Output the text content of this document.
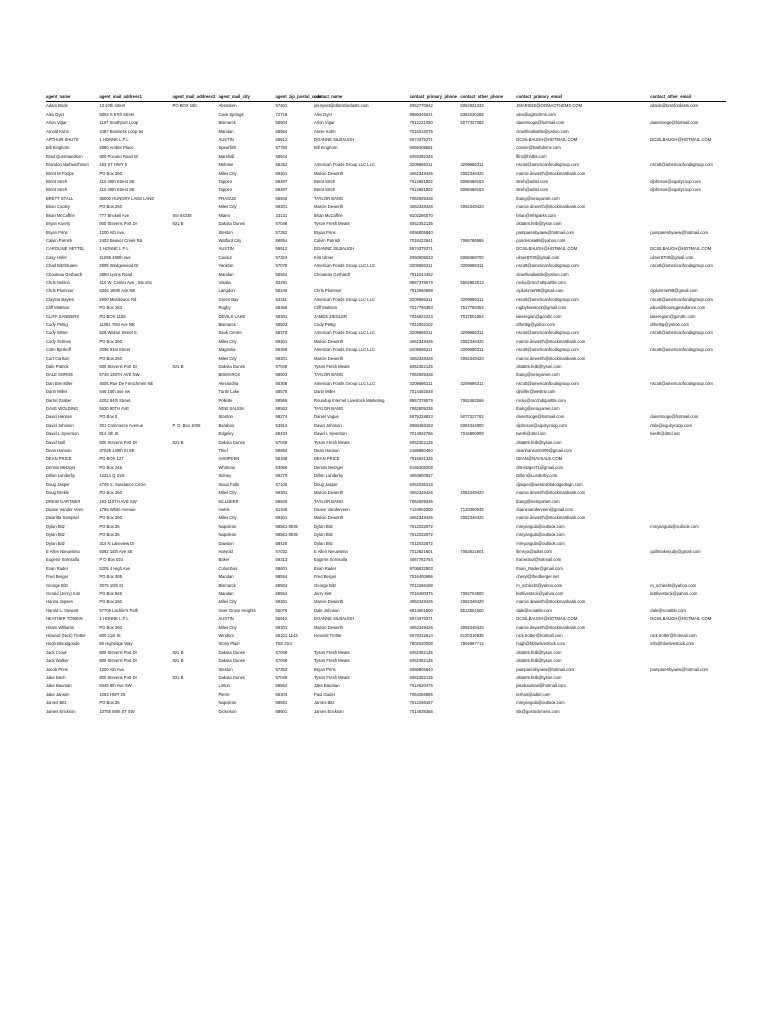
agent_name	agent_mail_address1	agent_mail_address2	agent_mail_city	agent_zip_postal_code	contact_name	contact_primary_phone	contact_other_phone	contact_primary_email	contact_other_email
Adam Bode	13 10th street	PO BOX 160	Aberdeen	57401	jmuryeet@dbmsfordasts.com	6052770842	6052621333	JMARSDE@OOMAOTHEMS.COM	abode@bmsfordasts.com
Alex Dyer	5802 S 57th Street		Cave Springs	72718	Alex Dyer	8886345621	6362230265	alex@agtrsdrms.com	
Arlon Vigar	1107 Southport Loop		Bismarck	58504	Arlon Vigar	7012221050	5077327082	danetrooge@hotmail.com	danetrooge@hotmail.com
Arnold Kuhn	2487 Business Loop 94		Mandan	58554	Annie Kuhn	7015015075		clowrhealsattle@yahoo.com	
ARTHUR SHUTE	1 HONNE L P L		AUSTIN	55912	DOANNE SILBAUGH	5074375371		DCSILBAUGH@HOTMAIL.COM	DCSILBAUGH@HOTMAIL.COM
Bill Kinghorn	2880 Amber Place		Spearfish	57783	Bill Kinghorn	6056408581		connie@hwtbdsms.com	
Brad Quermandson	900 Pocono Road W		Marshall	58644		6059382346		lflro@hntbs.com	
Brandon Niehwerhmen	163 ST HWY 5		Melrose	56352	American Foods Group LLC LLC	3209686311	3209686311	nscott@americanfoodsgroup.com	nscott@americanfoodsgroup.com
Brent M Poope	PO Box 260		Miles City	59301	Marcie Dewerth	4062348426	4062348420	marcie.dewerth@stockmanbank.com	
Brent Streh	410 40th Street SE		Tappen	58487	Brent Streh	7012681802	6088468153	streh@adtel.com	djohnson@equitycoop.com
Brent Streh	410 40th Street SE		Tappen	58487	Brent Streh	7012681802	6088468153	streh@adtel.com	djohnson@equitycoop.com
BRETT STALL	36000 HUNGRY LAKE LANE		PRAGUE	56944	TAYLOR BANG	7062609336		tbang@netuyamet.com	
Brian Cooley	PO Box 260		Miles City	59301	Marcie Dewerth	4062348426	4062348420	marcie.dewerth@stockmanbank.com	
Brian McCaffrie	777 Brickell Ave.	Ste 94238	Miami	33131	Brian McCaffrie	9102286070		brian@mfsparks.com	
Bryan Kuerty	800 Stevens Port Dr	821 B	Dakota Dunes	57049	Tyson Fresh Meats	6052352135		dstattrs.fetb@tyson.com	
Bryan Prins	1200 Ath Ave.		Steston	57352	Bryan Prins	6056805840		pamparenbyaew@hotmail.com	pamparenbyaew@hotmail.com
Calvin Parrish	2402 Beaver Creek Rd		Watford City	58854	Calvin Parrish	7018422641	7066786865	ponderosa88@yahoo.com	
CAROLINE HETTEL	1 HONNE L P L		AUSTIN	55912	DOANNE SILBAUGH	5074375371		DCSILBAUGH@HOTMAIL.COM	DCSILBAUGH@HOTMAIL.COM
Casy Hofer	21055 480th Ave		Cavour	57324	Kim Ulmer	6050605033	6068468700	ulmer8700@gmail.com	ulmer8700@gmail.com
Chad Bitz/Duane	2805 Wedgewood Dr		Yankton	57078	American Foods Group LLC LLC	3209686311	3209686311	nscott@americanfoodsgroup.com	nscott@americanfoodsgroup.com
Chouteau Gerhardt	2880 Lyons Road		Mandan	58554	Chouteau Gerhardt	7012044452		clowrhealsattle@yahoo.com	
Chris Nelson	410 W. Center Ave., Ste 201		Visalia	93291		8557378579	5502882013	rocky@rocchdsparttle.com	
Chris Plummer	5346 180th Ave NE		Langdon	58249	Chris Plummer	7012560898		ciplummer98@gmail.com	ciplummer98@gmail.com
Clayton Bayles	2900 Manitowoc Rd		Green Bay	54311	American Foods Group LLC LLC	3209686311	3209686311	nscott@americanfoodsgroup.com	nscott@americanfoodsgroup.com
Cliff Mattson	PO Box 283		Rugby	58368	Cliff Mattson	7017766383	7017768354	rugbylivestock@gmail.com	alicia@hoursgpnsufance.com
CLIFF SANDERS	PO BOX 1158		DEVILS LAKE	58301	JAMES ZIEGLER	7016622223	7017501854	lakeregion@gondtc.com	lakeregion@gondtc.com
Cody Pettig	11081 70st Ave NE		Bismarck	58503	Cody Pettig	7012003102		drhettig@yahoo.com	drhettig@yahoo.com
Cody Winer	625 Walnut Street S.		Sauk Centre	56378	American Foods Group LLC LLC	3209686311	3209686311	nscott@americanfoodsgroup.com	nscott@americanfoodsgroup.com
Cody Schnee	PO Box 260		Miles City	59301	Marcie Dewerth	4062348426	4062348420	marcie.dewerth@stockmanbank.com	
Colin Bjerkoff	2096 51st Street		Magnolia	56358	American Foods Group LLC LLC	3209686311	3209686311	nscott@americanfoodsgroup.com	nscott@americanfoodsgroup.com
Curt Carlson	PO Box 260		Miles City	59301	Marcie Dewerth	4062348426	4062348420	marcie.dewerth@stockmanbank.com	
Dale Patrick	800 Stevens Port Dr	821 B	Dakota Dunes	57049	Tyson Fresh Meats	6052352135		dstattrs.fetb@tyson.com	
DALE SORGE	5749 136TH AVE NW		BISMARCK	58503	TAYLOR BANG	7062609336		tbang@netuyamet.com	
Dan Brenstller	4005 Rue De Frenchmen NE		Alexandria	56308	American Foods Group LLC LLC	3209686311	3209686311	nscott@americanfoodsgroup.com	nscott@americanfoodsgroup.com
Darin Miller	645 10th ave nw		Turtle Lake	58575	Darin Miller	7014482548		djmiller@westriv.com	
Darrel Graber	4202 84th Street		Pollette	58566	Roundup Internet Livestock Marketing	8557378579	7062463266	rocky@rocchdsparttle.com	
DAVE WOLDING	5620 90TH AVE		NEW SALEM	58563	TAYLOR BANG	7062609336		tbang@netuyamet.com	
David Hansen	PO Box 3		Stanton	58274	Daniel Vague	5079328823	5077327782	danetrooge@hotmail.com	danetrooge@hotmail.com
David Johnson	401 Commerce Avenue	P. O. Box 1008	Baraboo	53913	David Johnson	6088468153	6084344000	djohnson@equitycoop.com	rtolo@equitycoop.com
David L Syverson	914 4th St		Edgeley	58433	David L Syverson	7014932766	7016800009	tweth@drtel.net	tweth@drtel.net
David Noll	800 Stevens Port Dr	821 B	Dakota Dunes	57049	Tyson Fresh Meats	6052352135		dstattrs.fetb@tyson.com	
Dean Hanson	37025 140th St SE		Thief	56684	Dean Hanson	2186860460		deanhanson0409@gmail.com	
DEAN PRICE	PO BOX 127		HAMPDEN	58338	DEAN PRICE	7015631326		DEAN@NAVSALE.COM	
Dennis Metzger	PO Box 248		Whitman	63066	Dennis Metzger	8166308208		drmetzger71@gmail.com	
Dillon Lunderby	12314 Q 31st		Sidney	59270	Dillon Lunderby	4064800627		Dillon@Lunderby.com	
Doug Jasper	4705 S. Sundance Circle		Sioux Falls	57106	Doug Jasper	6052036318		djasper@westcobbdodgedsign.com	
Doug Brekle	PO Box 260		Miles City	59301	Marcie Dewerth	4062348426	4062348420	marcie.dewerth@stockmanbank.com	
DREW GARTNER	193 110TH AVE SW		KILLDEER	58640	TAYLOR BANG	7062609336		tbang@netuyamet.com	
Duane Vander Veen	1765 White Avenue		Harris	51345	Duane Vanderveen	7124002000	7120390046	duanevanderveen@gmail.com	
Dwaritta Sampsel	PO Box 260		Miles City	59301	Marcie Dewerth	4062348426	4062348420	marcie.dewerth@stockmanbank.com	
Dylan Bitz	PO Box 35		Napoleon	58561-0035	Dylan Bitz	7012032672		mmyangula@outlook.com	mmyangula@outlook.com
Dylan Bitz	PO Box 35		Napoleon	58561-0035	Dylan Bitz	7012032672		mmyangula@outlook.com	
Dylan Bitz	314 N Lakeview Dr		Dawson	58428	Dylan Bitz	7012032672		mmyangula@outlook.com	
E Allen Nieuwsma	9352 14th Ave SE		Harvold	57032	E Allen Nieuwsma	7012621601	7063621601	lkmnya@adtel.com	quiltmakerjudy@gmail.com
Eugene Sornsalla	P O Box 024		Baker	59313	Eugene Sornsalla	4067782754		fransstool@hotmail.com	
Evan Rader	5205 4 High Ave		Columbus	68601	Evan Rader	9705832903		Evan_Rader@gmail.com	
Fred Berger	PO Box 308		Mandan	58554	Fred Berger	7016400996		cheryl@thedberger.net	
George Bitz	4075 10th St		Bismarck	58504	George Bitz	7012266188		m_schlecht@yahoo.com	m_schlecht@yahoo.com
Gerald (Jerry) Kist	PO Box 946		Mandan	58554	Jerry Kist	7016400375	7084704500	kistlivestock@yahoo.com	kistlivestock@yahoo.com
Hanna Jepsen	PO Box 260		Miles City	59301	Marcie Dewerth	4062348426	4062348420	marcie.dewerth@stockmanbank.com	
Harold L. Stewart	57706 Lachlin's Path		Inver Grove Heights	55076	Dale Johnson	6514501500	6514501500	dale@scoattle.com	dale@scoattle.com
HEATHER TONKIN	1 HONNE L P L		AUSTIN	55912	DOANNE SILBAUGH	5074375371		DCSILBAUGH@HOTMAIL.COM	DCSILBAUGH@HOTMAIL.COM
Hiram Williams	PO Box 260		Miles City	59301	Marcie Dewerth	4062348426	4062348420	marcie.dewerth@stockmanbank.com	
Howard (Nick) Trotter	600 21st St		Windom	56101-1143	Howard Trotter	5079312614	6120316936	nick.trotter@hotmail.com	nick.trotter@hotmail.com
Hugh Bloodgoode	56 Highridge Way		Stony Plain	T8S 3X4		7802020008	7804897714	hugh@hbbwlivestock.com	info@hbwlivestock.com
Jack Crowl	800 Stevens Port Dr	821 B	Dakota Dunes	57049	Tyson Fresh Meats	6052352135		dstattrs.fetb@tyson.com	
Jack Walker	800 Stevens Port Dr	821 B	Dakota Dunes	57049	Tyson Fresh Meats	6052352135		dstattrs.fetb@tyson.com	
Jacob Prins	1200 Ath Ave.		Steston	57352	Bryan Prins	6056805840		pamparenbyaew@hotmail.com	pamparenbyaew@hotmail.com
Jake Bach	800 Stevens Port Dr	821 B	Dakota Dunes	57049	Tyson Fresh Meats	6052352135		dstattrs.fetb@tyson.com	
Jake Bauman	8445 8th Ave SW		Linton	58552	Jake Bauman	7012620475		jakebauman@hotmail.com	
Jake Jansen	1063 HWY 25		Pierre	56304	Paul Gader	7064266885		terhair@adtel.com	
James Bitz	PO Box 35		Napoleon	58561	James Bitz	7012266167		mmyangula@outlook.com	
James Erickson	10755 58th ST SW		Dickinson	58601	James Erickson	7014838356		stk@gostockmens.com	
